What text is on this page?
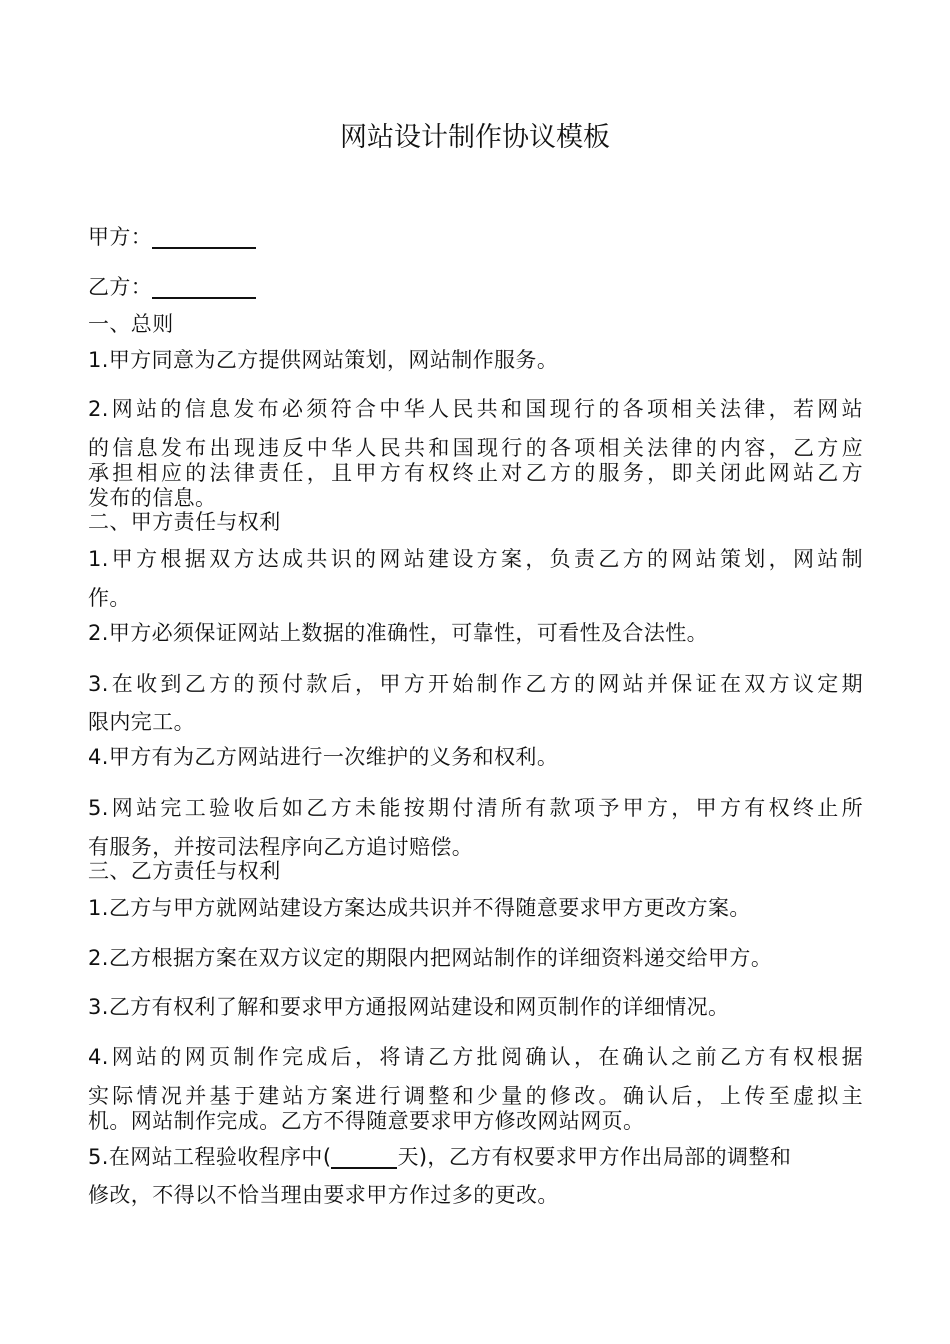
网站设计制作协议模板

甲方：

乙方：

一、总则

1.甲方同意为乙方提供网站策划，网站制作服务。

2.网站的信息发布必须符合中华人民共和国现行的各项相关法律，若网站

的信息发布出现违反中华人民共和国现行的各项相关法律的内容，乙方应

承担相应的法律责任，且甲方有权终止对乙方的服务，即关闭此网站乙方

发布的信息。

二、甲方责任与权利

1.甲方根据双方达成共识的网站建设方案，负责乙方的网站策划，网站制

作。

2.甲方必须保证网站上数据的准确性，可靠性，可看性及合法性。

3.在收到乙方的预付款后，甲方开始制作乙方的网站并保证在双方议定期

限内完工。

4.甲方有为乙方网站进行一次维护的义务和权利。

5.网站完工验收后如乙方未能按期付清所有款项予甲方，甲方有权终止所

有服务，并按司法程序向乙方追讨赔偿。

三、乙方责任与权利

1.乙方与甲方就网站建设方案达成共识并不得随意要求甲方更改方案。

2.乙方根据方案在双方议定的期限内把网站制作的详细资料递交给甲方。

3.乙方有权利了解和要求甲方通报网站建设和网页制作的详细情况。

4.网站的网页制作完成后，将请乙方批阅确认，在确认之前乙方有权根据

实际情况并基于建站方案进行调整和少量的修改。确认后，上传至虚拟主

机。网站制作完成。乙方不得随意要求甲方修改网站网页。

5.在网站工程验收程序中(	天)，乙方有权要求甲方作出局部的调整和

修改，不得以不恰当理由要求甲方作过多的更改。
